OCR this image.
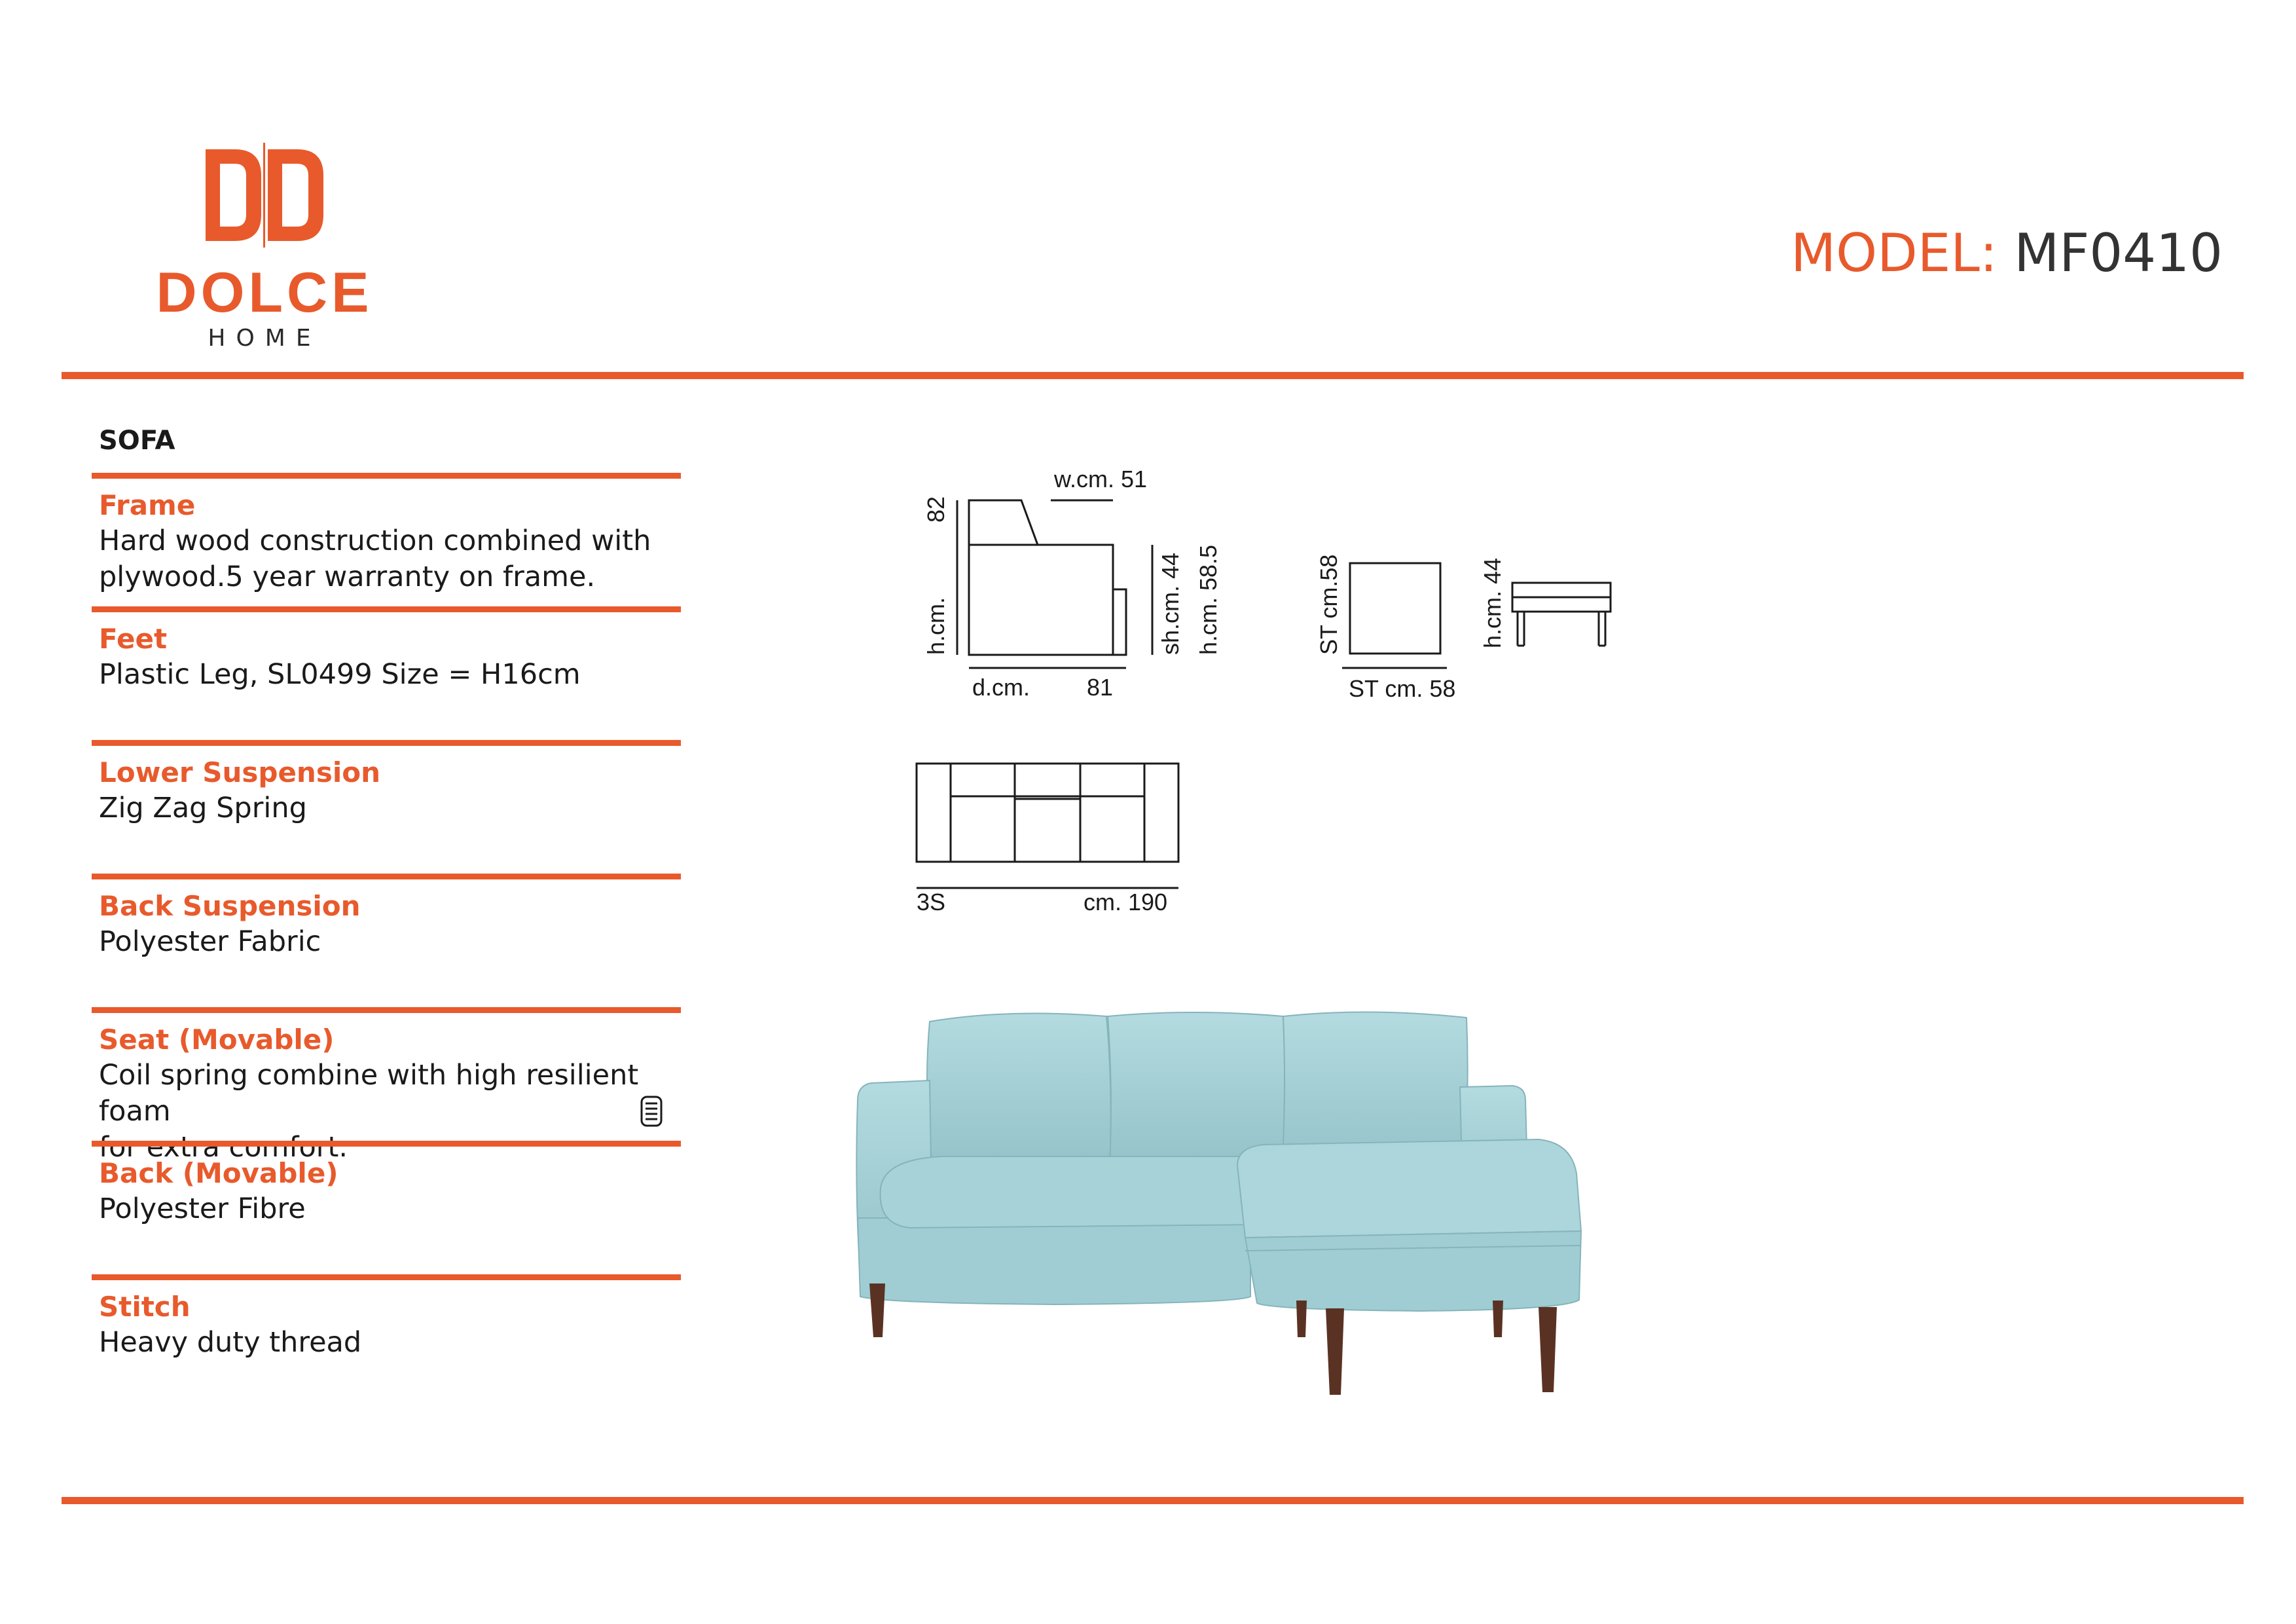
DOLCE
HOME
MODEL: MF0410
SOFA
Frame

Hard wood construction combined with

plywood.5 year warranty on frame.

Feet

Plastic Leg, SL0499 Size = H16cm

Lower Suspension

Zig Zag Spring

Back Suspension

Polyester Fabric

Seat (Movable)

Coil spring combine with high resilient foam

for extra comfort.

Back (Movable)

Polyester Fibre

Stitch

Heavy duty thread

w.cm. 51
82
h.cm.
d.cm. 81
sh.cm. 44 h.cm. 58.5	ST cm.58
ST cm. 58
h.cm. 44
3S	cm. 190
